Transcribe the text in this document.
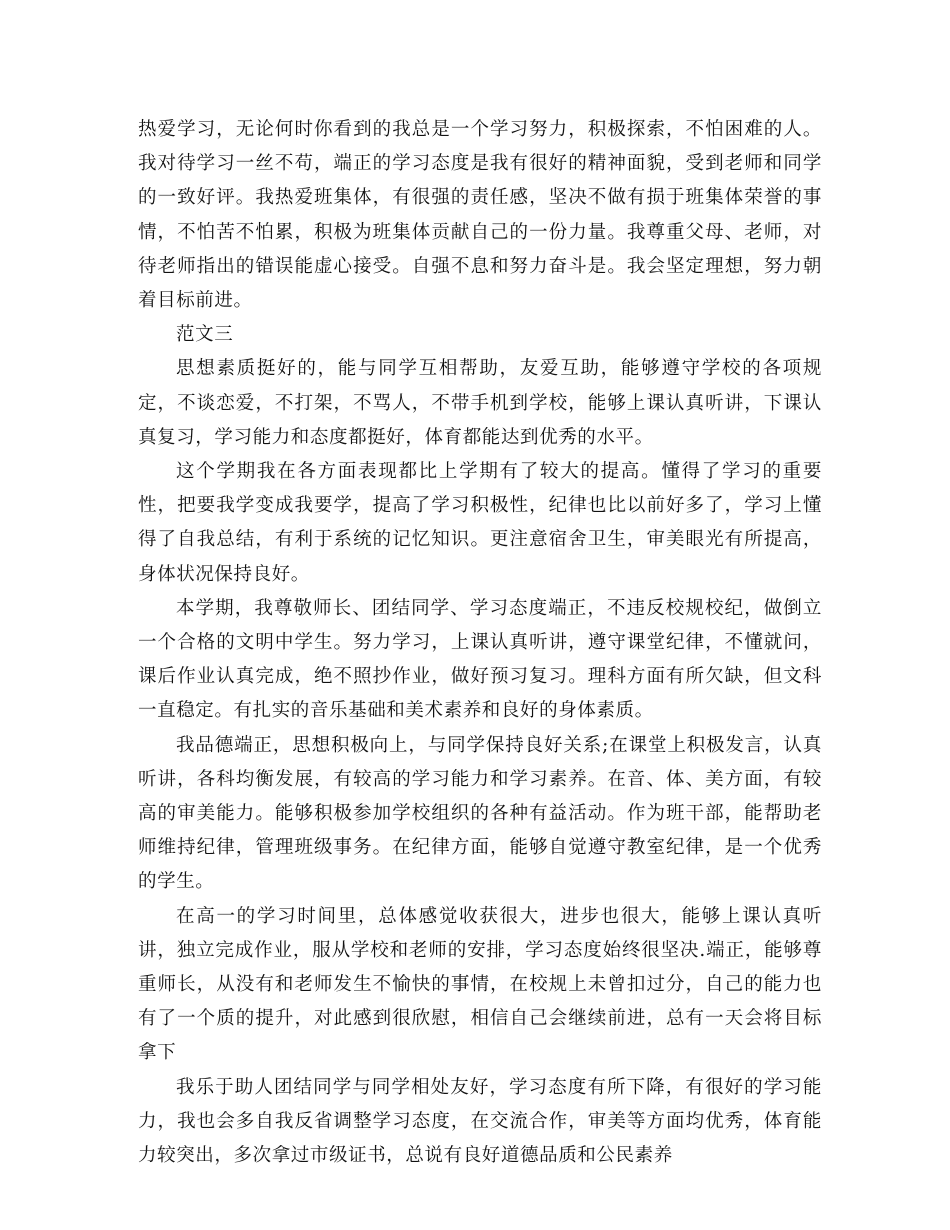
热爱学习，无论何时你看到的我总是一个学习努力，积极探索，不怕困难的人。我对待学习一丝不苟，端正的学习态度是我有很好的精神面貌，受到老师和同学的一致好评。我热爱班集体，有很强的责任感，坚决不做有损于班集体荣誉的事情，不怕苦不怕累，积极为班集体贡献自己的一份力量。我尊重父母、老师，对待老师指出的错误能虚心接受。自强不息和努力奋斗是。我会坚定理想，努力朝着目标前进。

范文三

思想素质挺好的，能与同学互相帮助，友爱互助，能够遵守学校的各项规定，不谈恋爱，不打架，不骂人，不带手机到学校，能够上课认真听讲，下课认真复习，学习能力和态度都挺好，体育都能达到优秀的水平。

这个学期我在各方面表现都比上学期有了较大的提高。懂得了学习的重要性，把要我学变成我要学，提高了学习积极性，纪律也比以前好多了，学习上懂得了自我总结，有利于系统的记忆知识。更注意宿舍卫生，审美眼光有所提高，身体状况保持良好。

本学期，我尊敬师长、团结同学、学习态度端正，不违反校规校纪，做倒立一个合格的文明中学生。努力学习，上课认真听讲，遵守课堂纪律，不懂就问，课后作业认真完成，绝不照抄作业，做好预习复习。理科方面有所欠缺，但文科一直稳定。有扎实的音乐基础和美术素养和良好的身体素质。

我品德端正，思想积极向上，与同学保持良好关系;在课堂上积极发言，认真听讲，各科均衡发展，有较高的学习能力和学习素养。在音、体、美方面，有较高的审美能力。能够积极参加学校组织的各种有益活动。作为班干部，能帮助老师维持纪律，管理班级事务。在纪律方面，能够自觉遵守教室纪律，是一个优秀的学生。

在高一的学习时间里，总体感觉收获很大，进步也很大，能够上课认真听讲，独立完成作业，服从学校和老师的安排，学习态度始终很坚决.端正，能够尊重师长，从没有和老师发生不愉快的事情，在校规上未曾扣过分，自己的能力也有了一个质的提升，对此感到很欣慰，相信自己会继续前进，总有一天会将目标拿下

我乐于助人团结同学与同学相处友好，学习态度有所下降，有很好的学习能力，我也会多自我反省调整学习态度，在交流合作，审美等方面均优秀，体育能力较突出，多次拿过市级证书，总说有良好道德品质和公民素养
